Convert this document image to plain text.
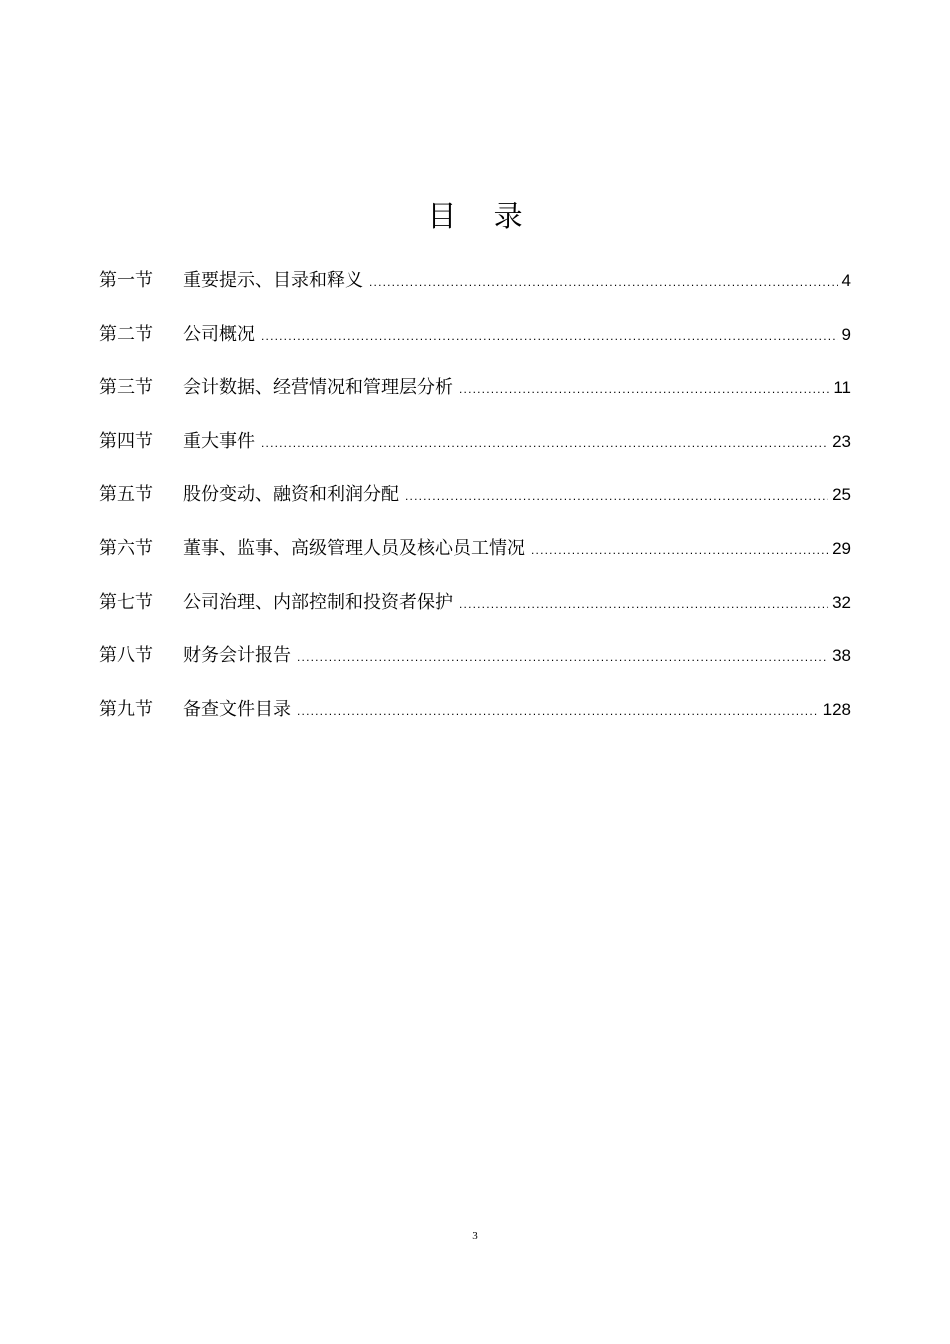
目 录
第一节	重要提示、目录和释义 .....	4
第二节	公司概况 .....	9
第三节	会计数据、经营情况和管理层分析 .....	11
第四节	重大事件 .....	23
第五节	股份变动、融资和利润分配 .....	25
第六节	董事、监事、高级管理人员及核心员工情况 .....	29
第七节	公司治理、内部控制和投资者保护 .....	32
第八节	财务会计报告 .....	38
第九节	备查文件目录 .....	128
3
